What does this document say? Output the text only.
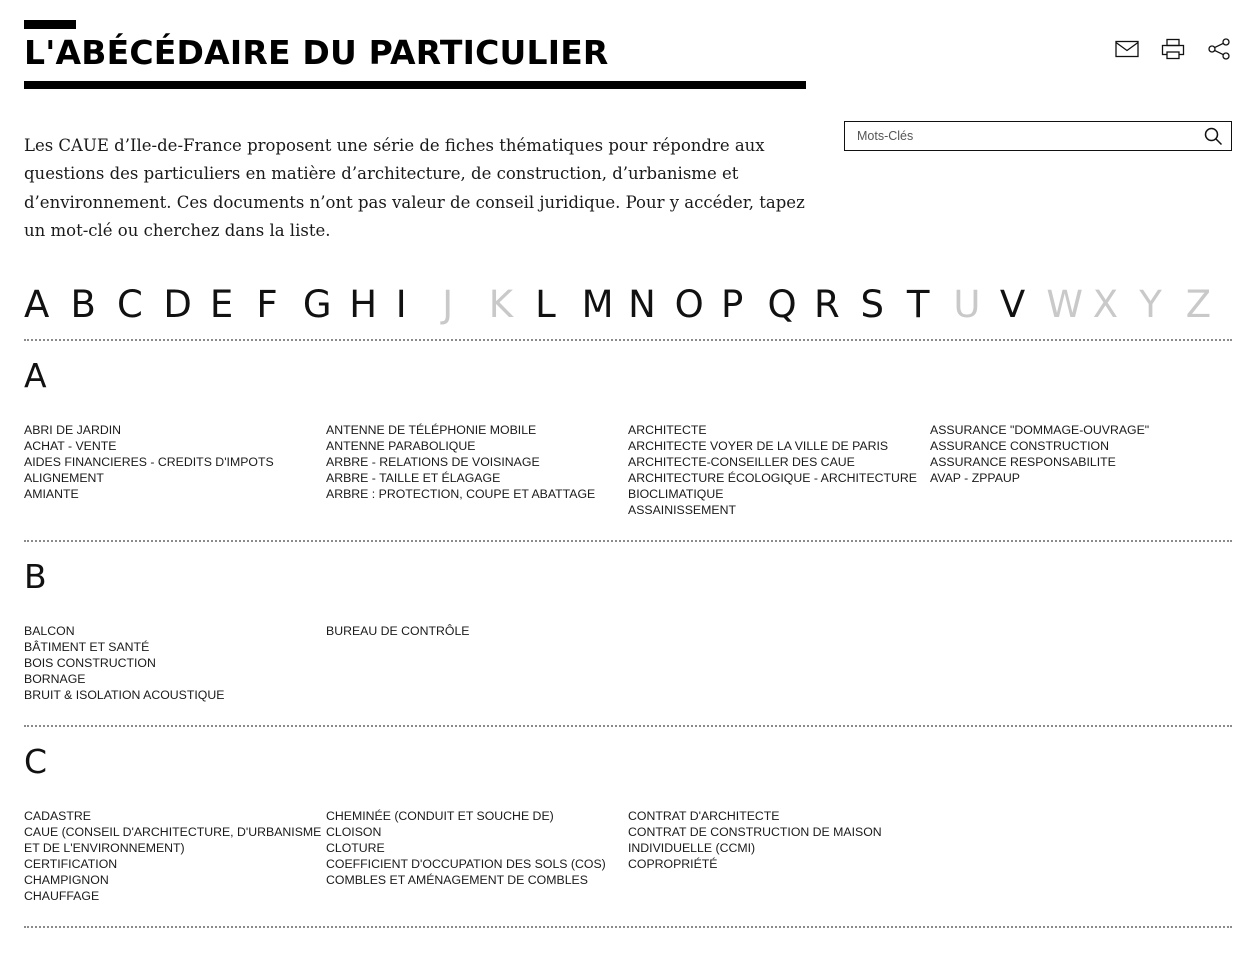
L'ABÉCÉDAIRE DU PARTICULIER

Les CAUE d’Ile-de-France proposent une série de fiches thématiques pour répondre aux questions des particuliers en matière d’architecture, de construction, d’urbanisme et d’environnement. Ces documents n’ont pas valeur de conseil juridique. Pour y accéder, tapez un mot-clé ou cherchez dans la liste.

Mots-Clés
A B C D E F G H I J K L M N O P Q R S T U V W X Y Z
A
ABRI DE JARDIN
ACHAT - VENTE
AIDES FINANCIERES - CREDITS D'IMPOTS
ALIGNEMENT
AMIANTE
ANTENNE DE TÉLÉPHONIE MOBILE
ANTENNE PARABOLIQUE
ARBRE - RELATIONS DE VOISINAGE
ARBRE - TAILLE ET ÉLAGAGE
ARBRE : PROTECTION, COUPE ET ABATTAGE
ARCHITECTE
ARCHITECTE VOYER DE LA VILLE DE PARIS
ARCHITECTE-CONSEILLER DES CAUE
ARCHITECTURE ÉCOLOGIQUE - ARCHITECTURE BIOCLIMATIQUE
ASSAINISSEMENT
ASSURANCE "DOMMAGE-OUVRAGE"
ASSURANCE CONSTRUCTION
ASSURANCE RESPONSABILITE
AVAP - ZPPAUP
B
BALCON
BÂTIMENT ET SANTÉ
BOIS CONSTRUCTION
BORNAGE
BRUIT & ISOLATION ACOUSTIQUE
BUREAU DE CONTRÔLE
C
CADASTRE
CAUE (CONSEIL D'ARCHITECTURE, D'URBANISME ET DE L'ENVIRONNEMENT)
CERTIFICATION
CHAMPIGNON
CHAUFFAGE
CHEMINÉE (CONDUIT ET SOUCHE DE)
CLOISON
CLOTURE
COEFFICIENT D'OCCUPATION DES SOLS (COS)
COMBLES ET AMÉNAGEMENT DE COMBLES
CONTRAT D'ARCHITECTE
CONTRAT DE CONSTRUCTION DE MAISON INDIVIDUELLE (CCMI)
COPROPRIÉTÉ
